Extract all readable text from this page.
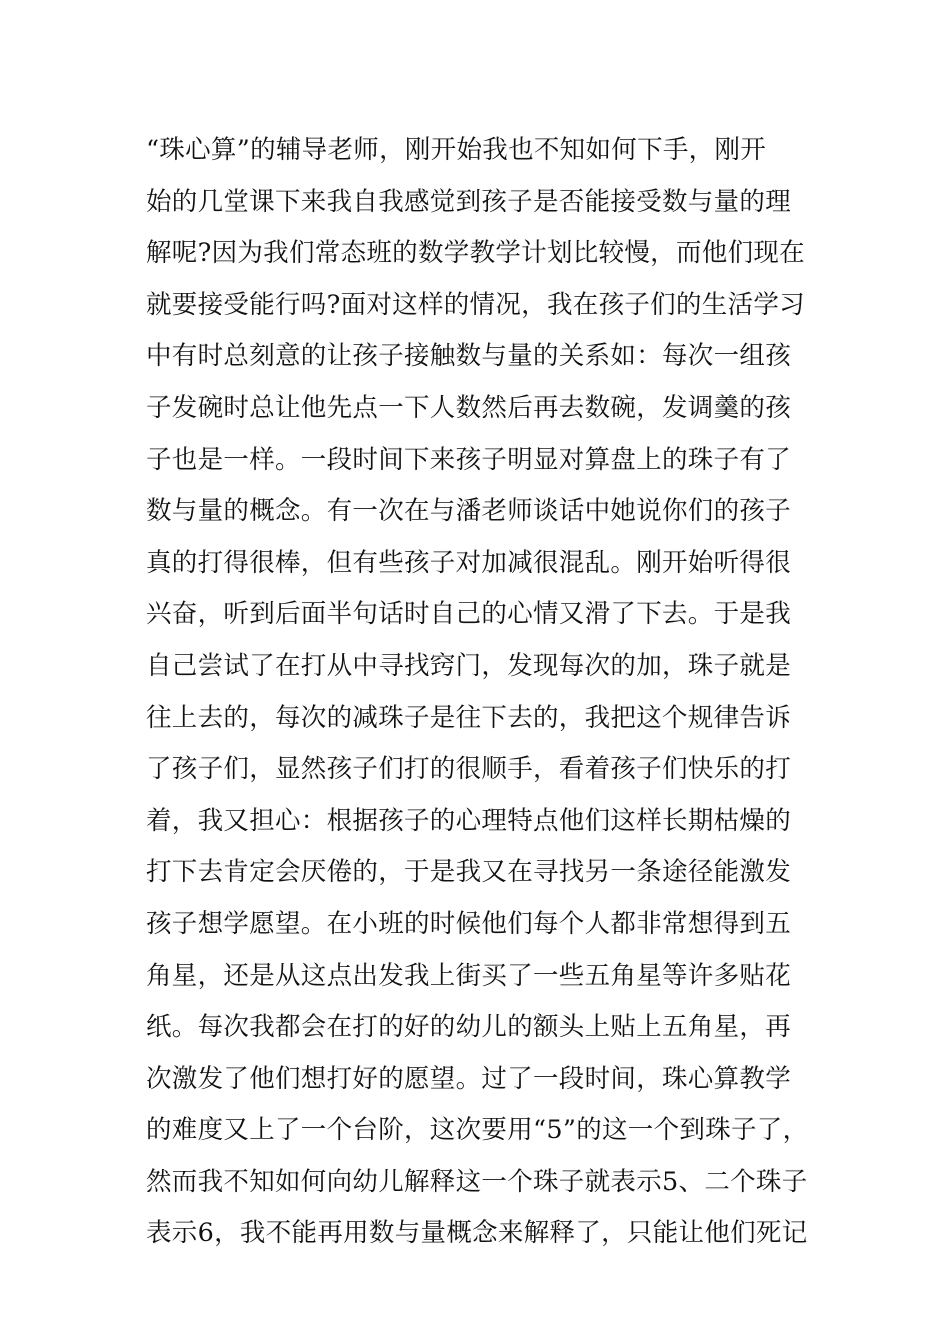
“珠心算”的辅导老师，刚开始我也不知如何下手，刚开
始的几堂课下来我自我感觉到孩子是否能接受数与量的理
解呢?因为我们常态班的数学教学计划比较慢，而他们现在
就要接受能行吗?面对这样的情况，我在孩子们的生活学习
中有时总刻意的让孩子接触数与量的关系如：每次一组孩
子发碗时总让他先点一下人数然后再去数碗，发调羹的孩
子也是一样。一段时间下来孩子明显对算盘上的珠子有了
数与量的概念。有一次在与潘老师谈话中她说你们的孩子
真的打得很棒，但有些孩子对加减很混乱。刚开始听得很
兴奋，听到后面半句话时自己的心情又滑了下去。于是我
自己尝试了在打从中寻找窍门，发现每次的加，珠子就是
往上去的，每次的减珠子是往下去的，我把这个规律告诉
了孩子们，显然孩子们打的很顺手，看着孩子们快乐的打
着，我又担心：根据孩子的心理特点他们这样长期枯燥的
打下去肯定会厌倦的，于是我又在寻找另一条途径能激发
孩子想学愿望。在小班的时候他们每个人都非常想得到五
角星，还是从这点出发我上街买了一些五角星等许多贴花
纸。每次我都会在打的好的幼儿的额头上贴上五角星，再
次激发了他们想打好的愿望。过了一段时间，珠心算教学
的难度又上了一个台阶，这次要用“5”的这一个到珠子了，
然而我不知如何向幼儿解释这一个珠子就表示5、二个珠子
表示6，我不能再用数与量概念来解释了，只能让他们死记
